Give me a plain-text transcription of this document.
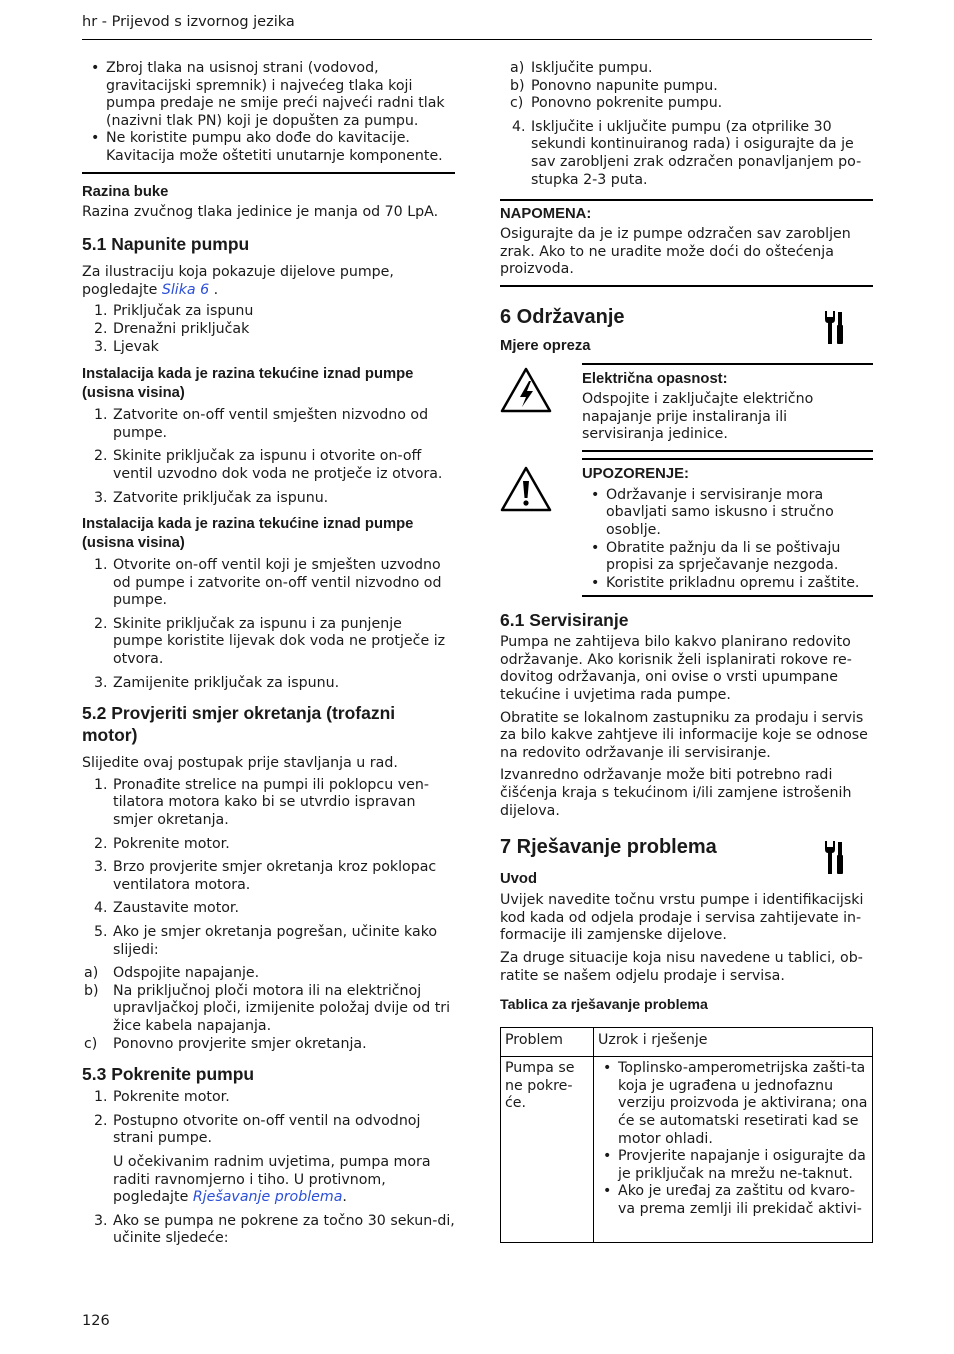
hr - Prijevod s izvornog jezika
• Zbroj tlaka na usisnoj strani (vodovod, gravitacijski spremnik) i najvećeg tlaka koji pumpa predaje ne smije preći najveći radni tlak (nazivni tlak PN) koji je dopušten za pumpu.
• Ne koristite pumpu ako dođe do kavitacije. Kavitacija može oštetiti unutarnje komponente.

Razina buke

Razina zvučnog tlaka jedinice je manja od 70 LpA.

5.1 Napunite pumpu

Za ilustraciju koja pokazuje dijelove pumpe, pogledajte Slika 6 .

1. Priključak za ispunu
2. Drenažni priključak
3. Ljevak

Instalacija kada je razina tekućine iznad pumpe (usisna visina)

1. Zatvorite on-off ventil smješten nizvodno od pumpe.
2. Skinite priključak za ispunu i otvorite on-off ventil uzvodno dok voda ne protječe iz otvora.
3. Zatvorite priključak za ispunu.

Instalacija kada je razina tekućine iznad pumpe (usisna visina)

1. Otvorite on-off ventil koji je smješten uzvodno od pumpe i zatvorite on-off ventil nizvodno od pumpe.
2. Skinite priključak za ispunu i za punjenje pumpe koristite lijevak dok voda ne protječe iz otvora.
3. Zamijenite priključak za ispunu.

5.2 Provjeriti smjer okretanja (trofazni motor)

Slijedite ovaj postupak prije stavljanja u rad.

1. Pronađite strelice na pumpi ili poklopcu ven-tilatora motora kako bi se utvrdio ispravan smjer okretanja.
2. Pokrenite motor.
3. Brzo provjerite smjer okretanja kroz poklopac ventilatora motora.
4. Zaustavite motor.
5. Ako je smjer okretanja pogrešan, učinite kako slijedi:
a) Odspojite napajanje.
b) Na priključnoj ploči motora ili na električnoj upravljačkoj ploči, izmijenite položaj dvije od tri žice kabela napajanja.
c) Ponovno provjerite smjer okretanja.

5.3 Pokrenite pumpu

1. Pokrenite motor.
2. Postupno otvorite on-off ventil na odvodnoj strani pumpe.

U očekivanim radnim uvjetima, pumpa mora raditi ravnomjerno i tiho. U protivnom, pogledajte Rješavanje problema.

3. Ako se pumpa ne pokrene za točno 30 sekun-di, učinite sljedeće:
a) Isključite pumpu.
b) Ponovno napunite pumpu.
c) Ponovno pokrenite pumpu.
4. Isključite i uključite pumpu (za otprilike 30 sekundi kontinuiranog rada) i osigurajte da je sav zarobljeni zrak odzračen ponavljanjem po-stupka 2-3 puta.

NAPOMENA:

Osigurajte da je iz pumpe odzračen sav zarobljen zrak. Ako to ne uradite može doći do oštećenja proizvoda.

6 Održavanje

Mjere opreza

Električna opasnost:

Odspojite i zaključajte električno napajanje prije instaliranja ili servisiranja jedinice.

UPOZORENJE:

• Održavanje i servisiranje mora obavljati samo iskusno i stručno osoblje.
• Obratite pažnju da li se poštivaju propisi za sprječavanje nezgoda.
• Koristite prikladnu opremu i zaštite.

6.1 Servisiranje

Pumpa ne zahtijeva bilo kakvo planirano redovito održavanje. Ako korisnik želi isplanirati rokove re-dovitog održavanja, oni ovise o vrsti upumpane tekućine i uvjetima rada pumpe.

Obratite se lokalnom zastupniku za prodaju i servis za bilo kakve zahtjeve ili informacije koje se odnose na redovito održavanje ili servisiranje.

Izvanredno održavanje može biti potrebno radi čišćenja kraja s tekućinom i/ili zamjene istrošenih dijelova.

7 Rješavanje problema

Uvod

Uvijek navedite točnu vrstu pumpe i identifikacijski kod kada od odjela prodaje i servisa zahtijevate in-formacije ili zamjenske dijelove.

Za druge situacije koja nisu navedene u tablici, ob-ratite se našem odjelu prodaje i servisa.

Tablica za rješavanje problema

Problem	Uzrok i rješenje
Pumpa se ne pokre-će.	• Toplinsko-amperometrijska zašti-ta koja je ugrađena u jednofaznu verziju proizvoda je aktivirana; ona će se automatski resetirati kad se motor ohladi.
• Provjerite napajanje i osigurajte da je priključak na mrežu ne-taknut.
• Ako je uređaj za zaštitu od kvaro-va prema zemlji ili prekidač aktivi-
126
